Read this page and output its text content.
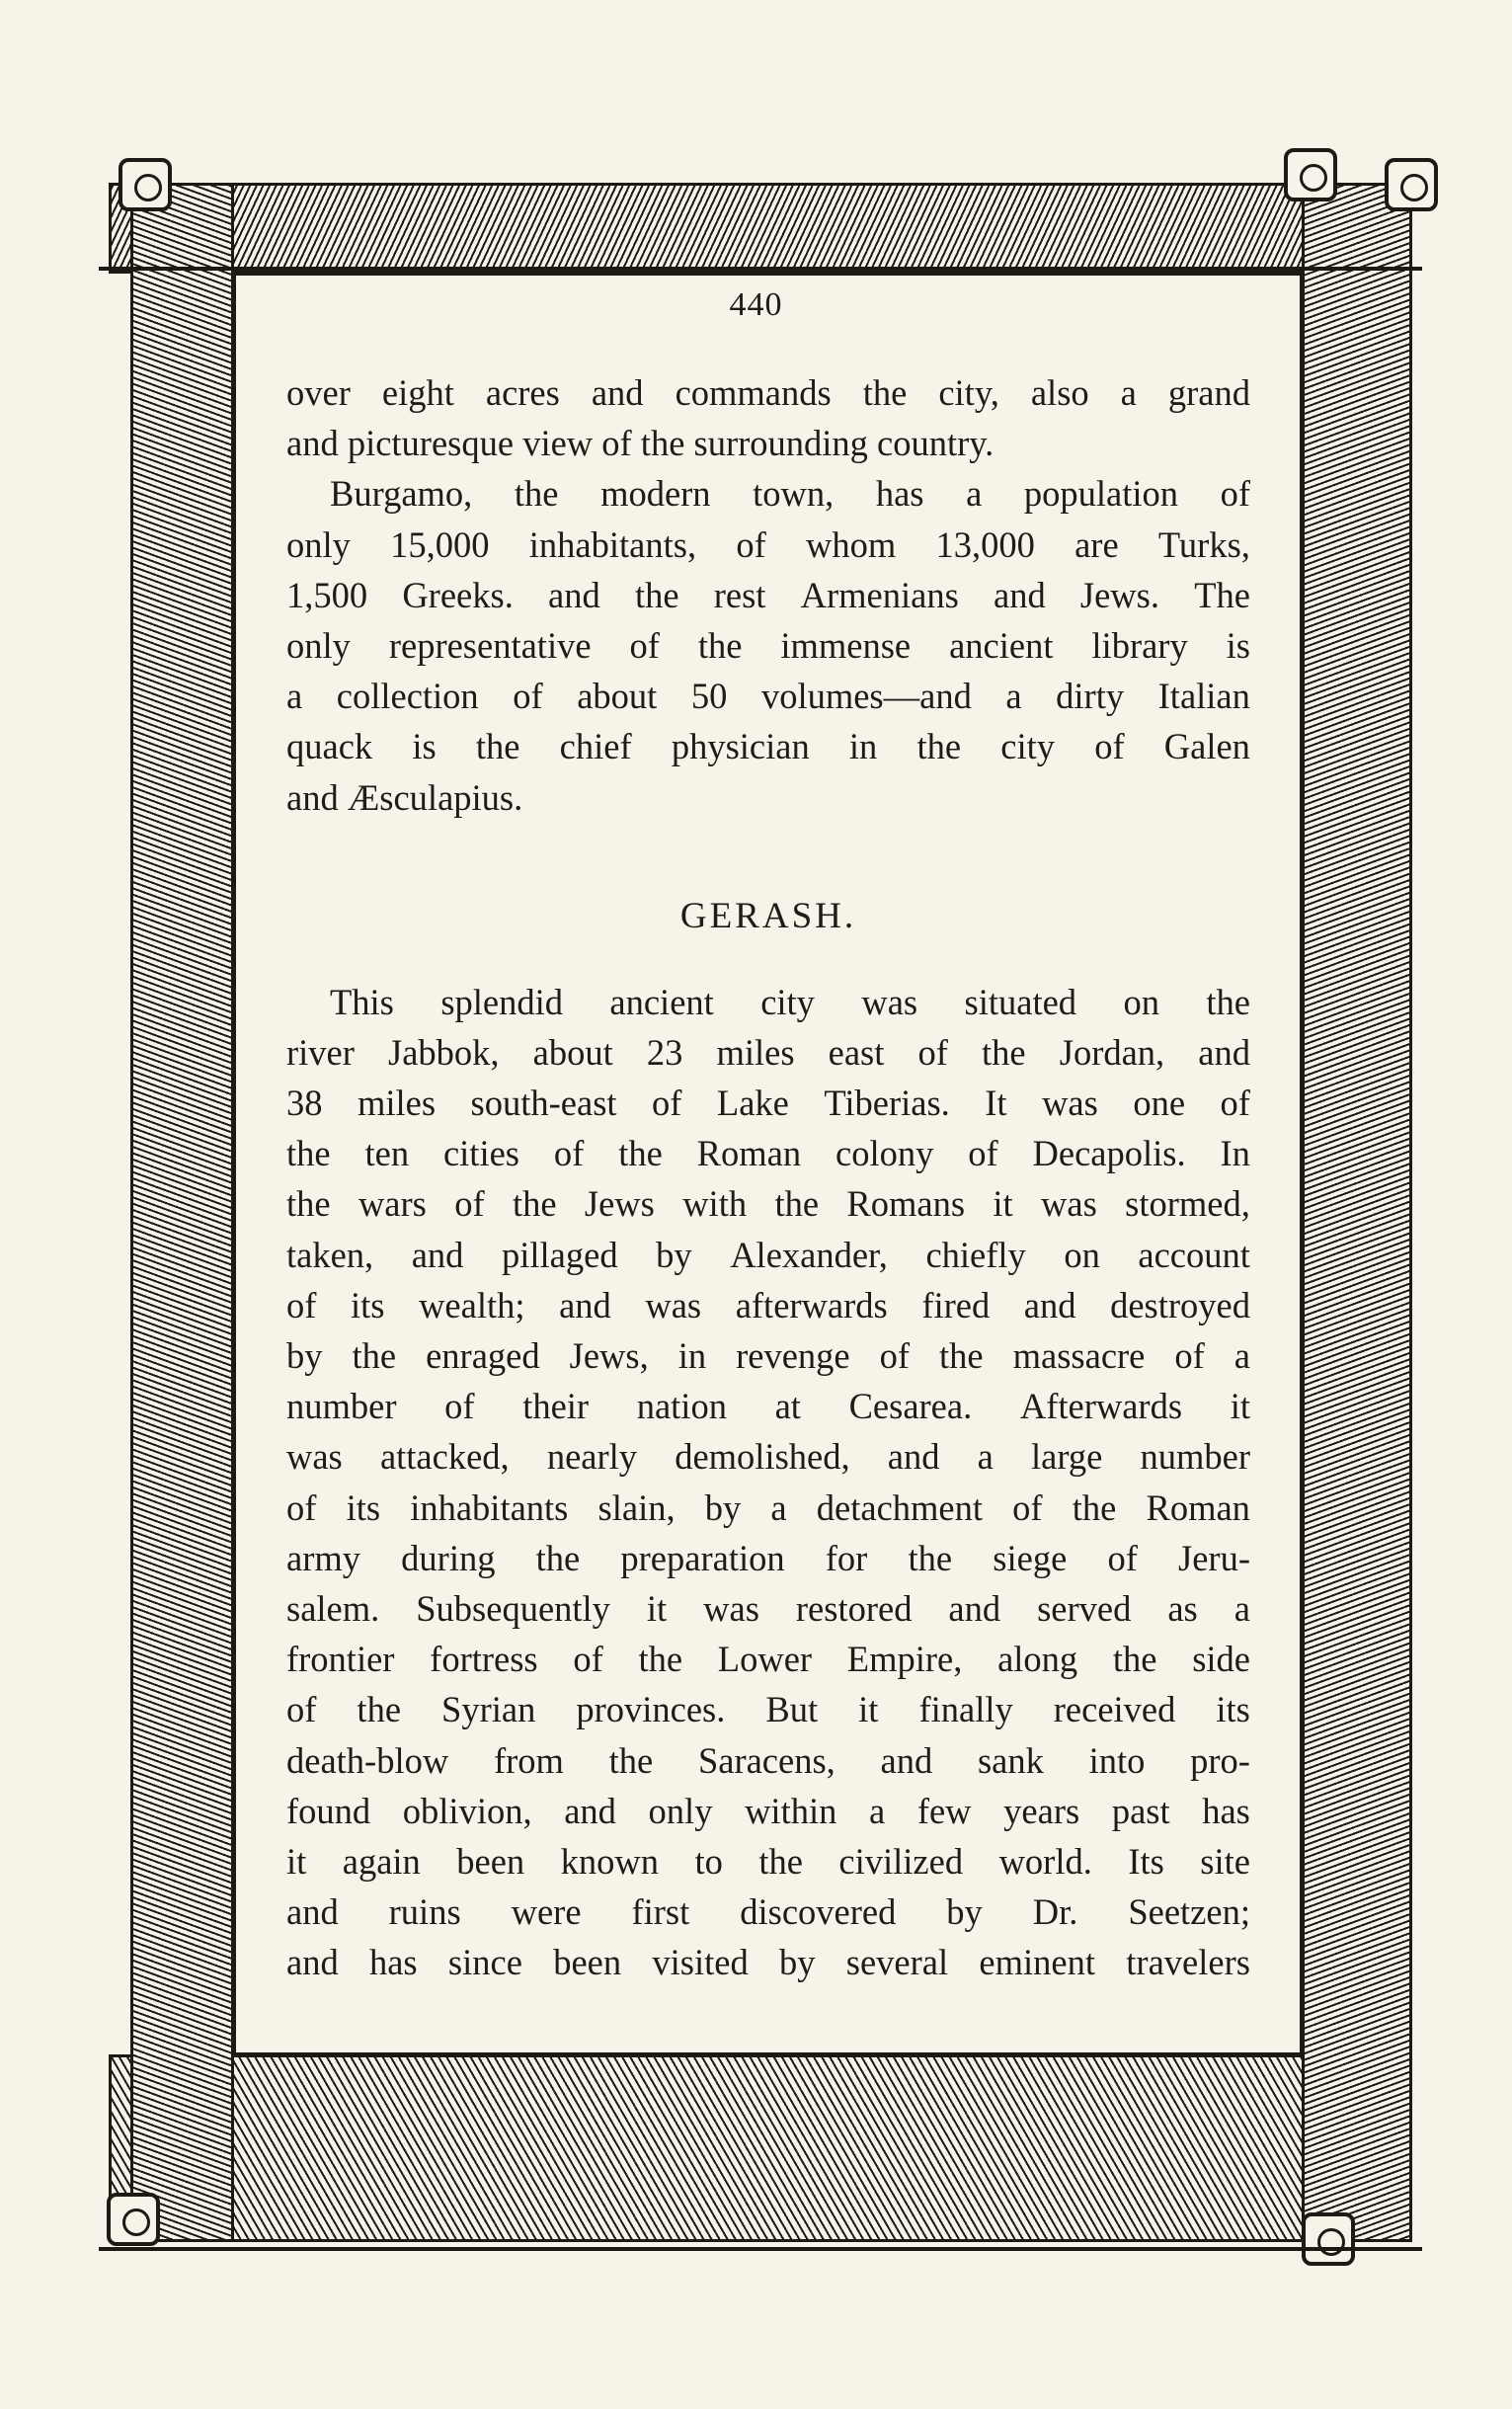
440
over eight acres and commands the city, also a grand
and picturesque view of the surrounding country.
Burgamo, the modern town, has a population of
only 15,000 inhabitants, of whom 13,000 are Turks,
1,500 Greeks. and the rest Armenians and Jews. The
only representative of the immense ancient library is
a collection of about 50 volumes—and a dirty Italian
quack is the chief physician in the city of Galen
and Æsculapius.
GERASH.
This splendid ancient city was situated on the
river Jabbok, about 23 miles east of the Jordan, and
38 miles south-east of Lake Tiberias. It was one of
the ten cities of the Roman colony of Decapolis. In
the wars of the Jews with the Romans it was stormed,
taken, and pillaged by Alexander, chiefly on account
of its wealth; and was afterwards fired and destroyed
by the enraged Jews, in revenge of the massacre of a
number of their nation at Cesarea. Afterwards it
was attacked, nearly demolished, and a large number
of its inhabitants slain, by a detachment of the Roman
army during the preparation for the siege of Jeru-
salem. Subsequently it was restored and served as a
frontier fortress of the Lower Empire, along the side
of the Syrian provinces. But it finally received its
death-blow from the Saracens, and sank into pro-
found oblivion, and only within a few years past has
it again been known to the civilized world. Its site
and ruins were first discovered by Dr. Seetzen;
and has since been visited by several eminent travelers
